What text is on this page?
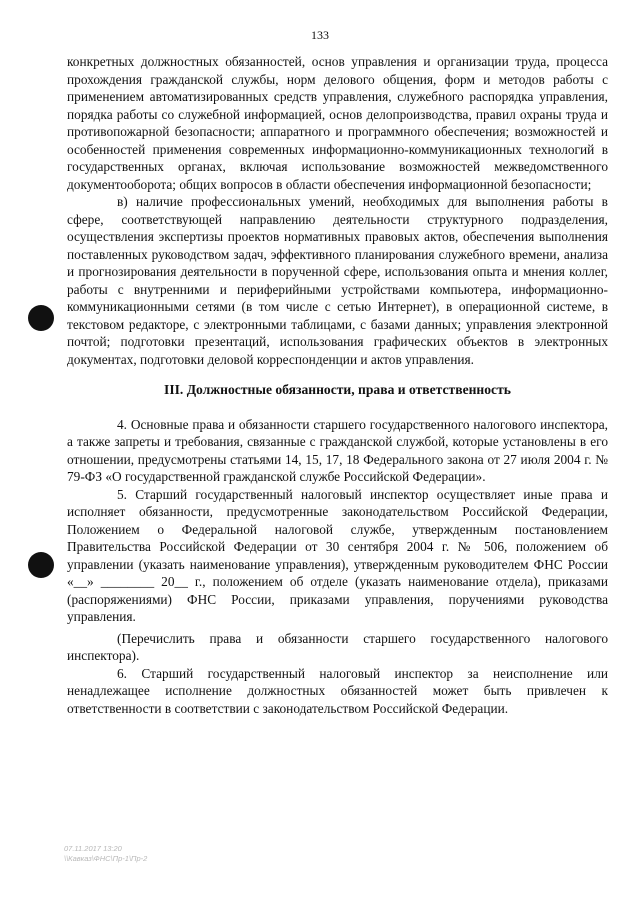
133

конкретных должностных обязанностей, основ управления и организации труда, процесса прохождения гражданской службы, норм делового общения, форм и методов работы с применением автоматизированных средств управления, служебного распорядка управления, порядка работы со служебной информацией, основ делопроизводства, правил охраны труда и противопожарной безопасности; аппаратного и программного обеспечения; возможностей и особенностей применения современных информационно-коммуникационных технологий в государственных органах, включая использование возможностей межведомственного документооборота; общих вопросов в области обеспечения информационной безопасности;

в) наличие профессиональных умений, необходимых для выполнения работы в сфере, соответствующей направлению деятельности структурного подразделения, осуществления экспертизы проектов нормативных правовых актов, обеспечения выполнения поставленных руководством задач, эффективного планирования служебного времени, анализа и прогнозирования деятельности в порученной сфере, использования опыта и мнения коллег, работы с внутренними и периферийными устройствами компьютера, информационно-коммуникационными сетями (в том числе с сетью Интернет), в операционной системе, в текстовом редакторе, с электронными таблицами, с базами данных; управления электронной почтой; подготовки презентаций, использования графических объектов в электронных документах, подготовки деловой корреспонденции и актов управления.

III. Должностные обязанности, права и ответственность

4. Основные права и обязанности старшего государственного налогового инспектора, а также запреты и требования, связанные с гражданской службой, которые установлены в его отношении, предусмотрены статьями 14, 15, 17, 18 Федерального закона от 27 июля 2004 г. № 79-ФЗ «О государственной гражданской службе Российской Федерации».

5. Старший государственный налоговый инспектор осуществляет иные права и исполняет обязанности, предусмотренные законодательством Российской Федерации, Положением о Федеральной налоговой службе, утвержденным постановлением Правительства Российской Федерации от 30 сентября 2004 г. № 506, положением об управлении (указать наименование управления), утвержденным руководителем ФНС России «__» ________ 20__ г., положением об отделе (указать наименование отдела), приказами (распоряжениями) ФНС России, приказами управления, поручениями руководства управления.

(Перечислить права и обязанности старшего государственного налогового инспектора).

6. Старший государственный налоговый инспектор за неисполнение или ненадлежащее исполнение должностных обязанностей может быть привлечен к ответственности в соответствии с законодательством Российской Федерации.

07.11.2017 13:20
\\Кавказ\ФНС\Пр-1\Пр-2
